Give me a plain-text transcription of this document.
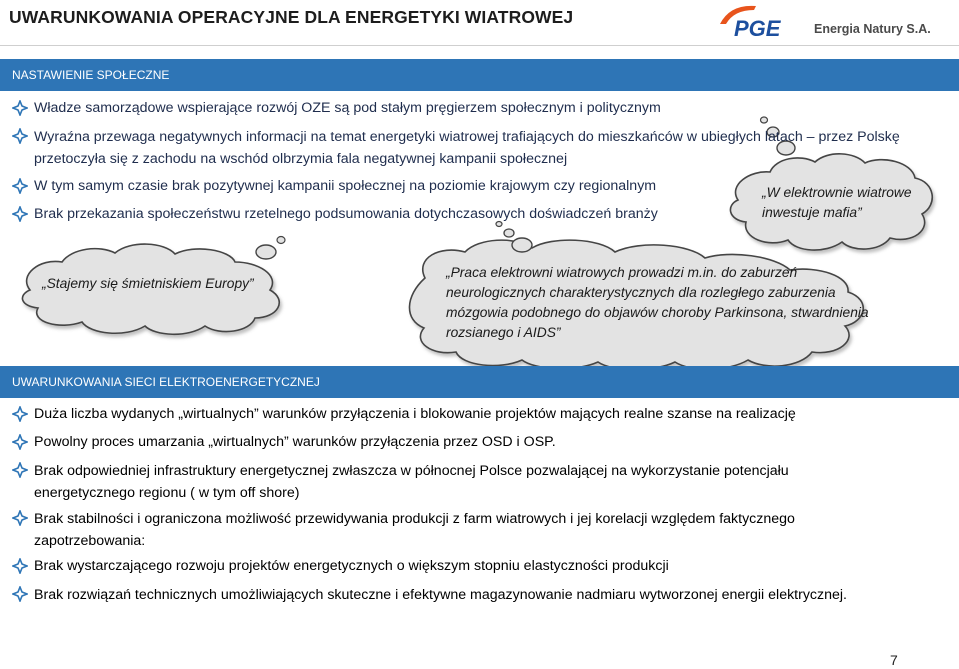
UWARUNKOWANIA OPERACYJNE DLA ENERGETYKI WIATROWEJ	PGE	Energia Natury S.A.
NASTAWIENIE SPOŁECZNE
Władze samorządowe wspierające rozwój OZE są pod stałym pręgierzem społecznym i politycznym
Wyraźna przewaga negatywnych informacji na temat energetyki wiatrowej trafiających do mieszkańców w ubiegłych latach – przez Polskę przetoczyła się z zachodu na wschód olbrzymia fala negatywnej kampanii społecznej
W tym samym czasie brak pozytywnej kampanii społecznej na poziomie krajowym czy regionalnym
Brak przekazania społeczeństwu rzetelnego podsumowania dotychczasowych doświadczeń branży
„W elektrownie wiatrowe inwestuje mafia”
„Stajemy się śmietniskiem Europy”
„Praca elektrowni wiatrowych prowadzi m.in. do zaburzeń neurologicznych charakterystycznych dla rozległego zaburzenia mózgowia podobnego do objawów choroby Parkinsona, stwardnienia rozsianego i AIDS”
UWARUNKOWANIA SIECI ELEKTROENERGETYCZNEJ
Duża liczba wydanych „wirtualnych” warunków przyłączenia i blokowanie projektów mających realne szanse na realizację
Powolny proces umarzania „wirtualnych” warunków przyłączenia przez OSD i OSP.
Brak odpowiedniej infrastruktury energetycznej zwłaszcza w północnej Polsce pozwalającej na wykorzystanie potencjału energetycznego regionu ( w tym off shore)
Brak stabilności i ograniczona możliwość przewidywania produkcji z farm wiatrowych i jej korelacji względem faktycznego zapotrzebowania:
Brak wystarczającego rozwoju projektów energetycznych o większym stopniu elastyczności produkcji
Brak rozwiązań technicznych umożliwiających skuteczne i efektywne magazynowanie nadmiaru wytworzonej energii elektrycznej.
7
